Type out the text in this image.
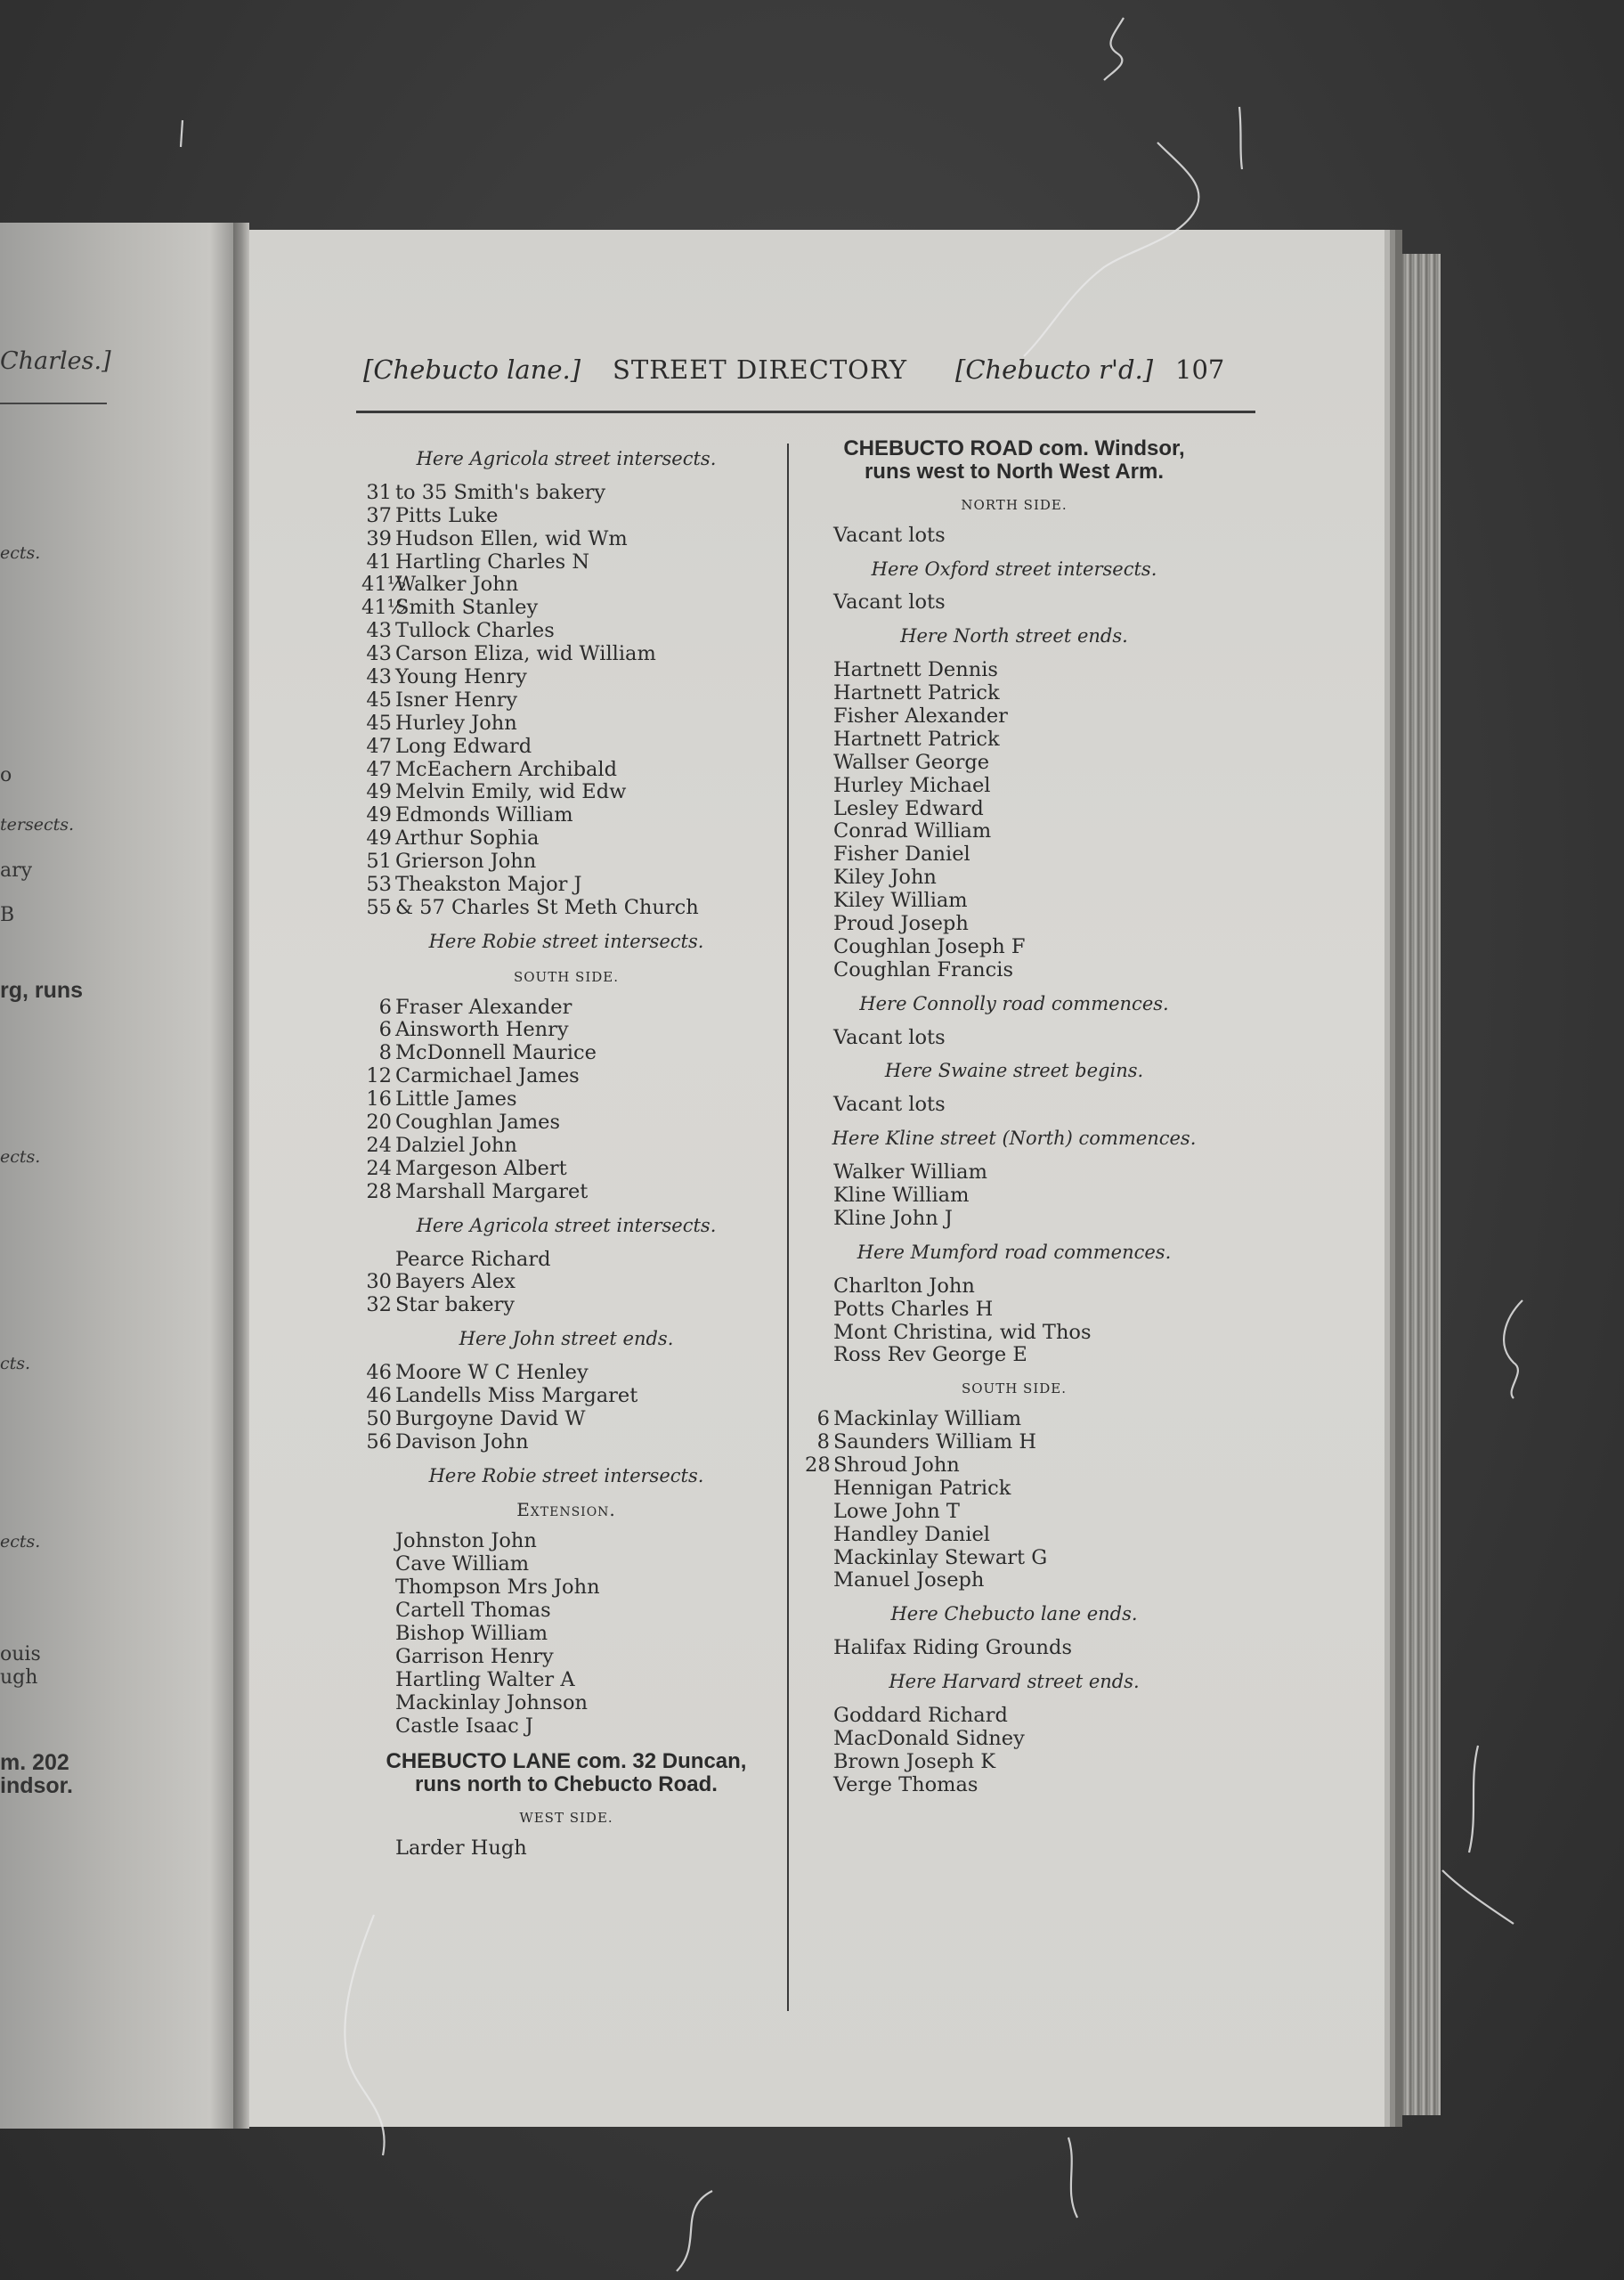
Charles.]
ects.
o
tersects.
ary
B
rg, runs
ects.
cts.
ects.
ouis
ugh
m. 202
indsor.
[Chebucto lane.] STREET DIRECTORY [Chebucto r'd.] 107
Here Agricola street intersects.
31 to 35 Smith's bakery
37 Pitts Luke
39 Hudson Ellen, wid Wm
41 Hartling Charles N
41½Walker John
41½Smith Stanley
43 Tullock Charles
43 Carson Eliza, wid William
43 Young Henry
45 Isner Henry
45 Hurley John
47 Long Edward
47 McEachern Archibald
49 Melvin Emily, wid Edw
49 Edmonds William
49 Arthur Sophia
51 Grierson John
53 Theakston Major J
55 & 57 Charles St Meth Church
Here Robie street intersects.
SOUTH SIDE.
6 Fraser Alexander
6 Ainsworth Henry
8 McDonnell Maurice
12 Carmichael James
16 Little James
20 Coughlan James
24 Dalziel John
24 Margeson Albert
28 Marshall Margaret
Here Agricola street intersects.
Pearce Richard
30 Bayers Alex
32 Star bakery
Here John street ends.
46 Moore W C Henley
46 Landells Miss Margaret
50 Burgoyne David W
56 Davison John
Here Robie street intersects.
Extension.
Johnston John
Cave William
Thompson Mrs John
Cartell Thomas
Bishop William
Garrison Henry
Hartling Walter A
Mackinlay Johnson
Castle Isaac J
CHEBUCTO LANE com. 32 Duncan,
runs north to Chebucto Road.
WEST SIDE.
Larder Hugh
CHEBUCTO ROAD com. Windsor,
runs west to North West Arm.
NORTH SIDE.
Vacant lots
Here Oxford street intersects.
Vacant lots
Here North street ends.
Hartnett Dennis
Hartnett Patrick
Fisher Alexander
Hartnett Patrick
Wallser George
Hurley Michael
Lesley Edward
Conrad William
Fisher Daniel
Kiley John
Kiley William
Proud Joseph
Coughlan Joseph F
Coughlan Francis
Here Connolly road commences.
Vacant lots
Here Swaine street begins.
Vacant lots
Here Kline street (North) commences.
Walker William
Kline William
Kline John J
Here Mumford road commences.
Charlton John
Potts Charles H
Mont Christina, wid Thos
Ross Rev George E
SOUTH SIDE.
6 Mackinlay William
8 Saunders William H
28 Shroud John
Hennigan Patrick
Lowe John T
Handley Daniel
Mackinlay Stewart G
Manuel Joseph
Here Chebucto lane ends.
Halifax Riding Grounds
Here Harvard street ends.
Goddard Richard
MacDonald Sidney
Brown Joseph K
Verge Thomas
